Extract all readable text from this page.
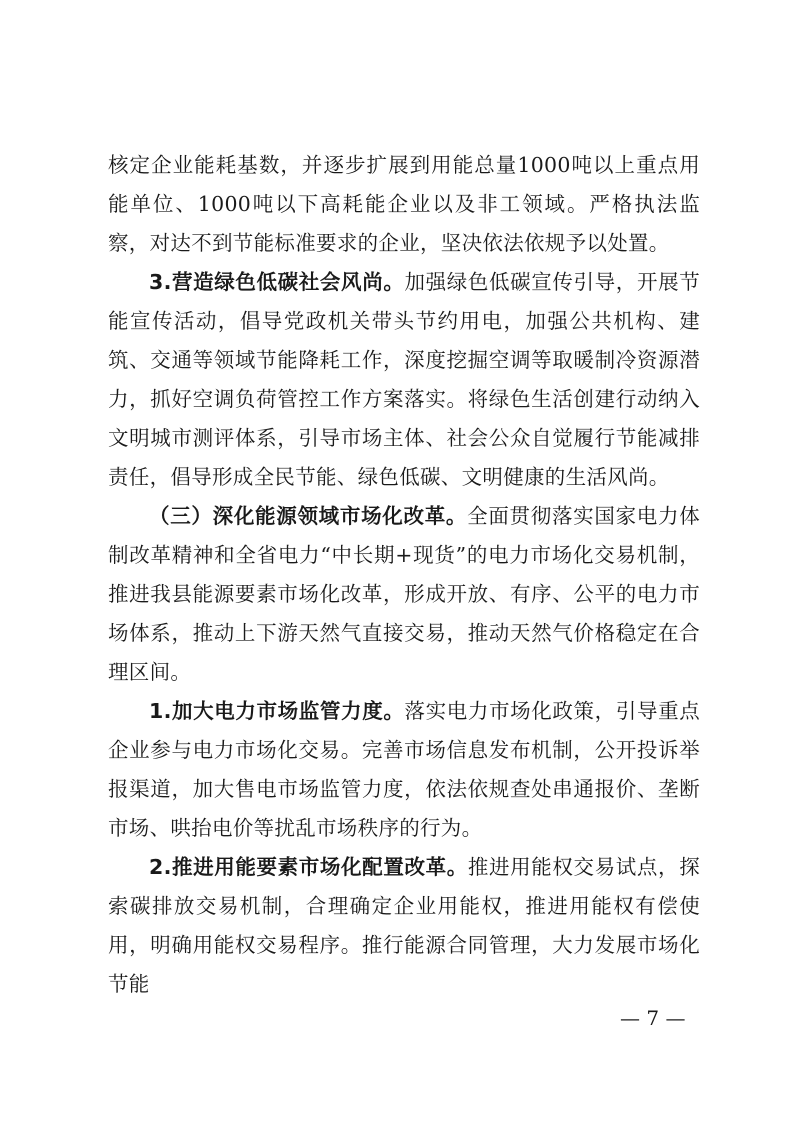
核定企业能耗基数，并逐步扩展到用能总量1000吨以上重点用能单位、1000吨以下高耗能企业以及非工领域。严格执法监察，对达不到节能标准要求的企业，坚决依法依规予以处置。

3.营造绿色低碳社会风尚。加强绿色低碳宣传引导，开展节能宣传活动，倡导党政机关带头节约用电，加强公共机构、建筑、交通等领域节能降耗工作，深度挖掘空调等取暖制冷资源潜力，抓好空调负荷管控工作方案落实。将绿色生活创建行动纳入文明城市测评体系，引导市场主体、社会公众自觉履行节能减排责任，倡导形成全民节能、绿色低碳、文明健康的生活风尚。

（三）深化能源领域市场化改革。全面贯彻落实国家电力体制改革精神和全省电力“中长期+现货”的电力市场化交易机制，推进我县能源要素市场化改革，形成开放、有序、公平的电力市场体系，推动上下游天然气直接交易，推动天然气价格稳定在合理区间。

1.加大电力市场监管力度。落实电力市场化政策，引导重点企业参与电力市场化交易。完善市场信息发布机制，公开投诉举报渠道，加大售电市场监管力度，依法依规查处串通报价、垄断市场、哄抬电价等扰乱市场秩序的行为。

2.推进用能要素市场化配置改革。推进用能权交易试点，探索碳排放交易机制，合理确定企业用能权，推进用能权有偿使用，明确用能权交易程序。推行能源合同管理，大力发展市场化节能

— 7 —
